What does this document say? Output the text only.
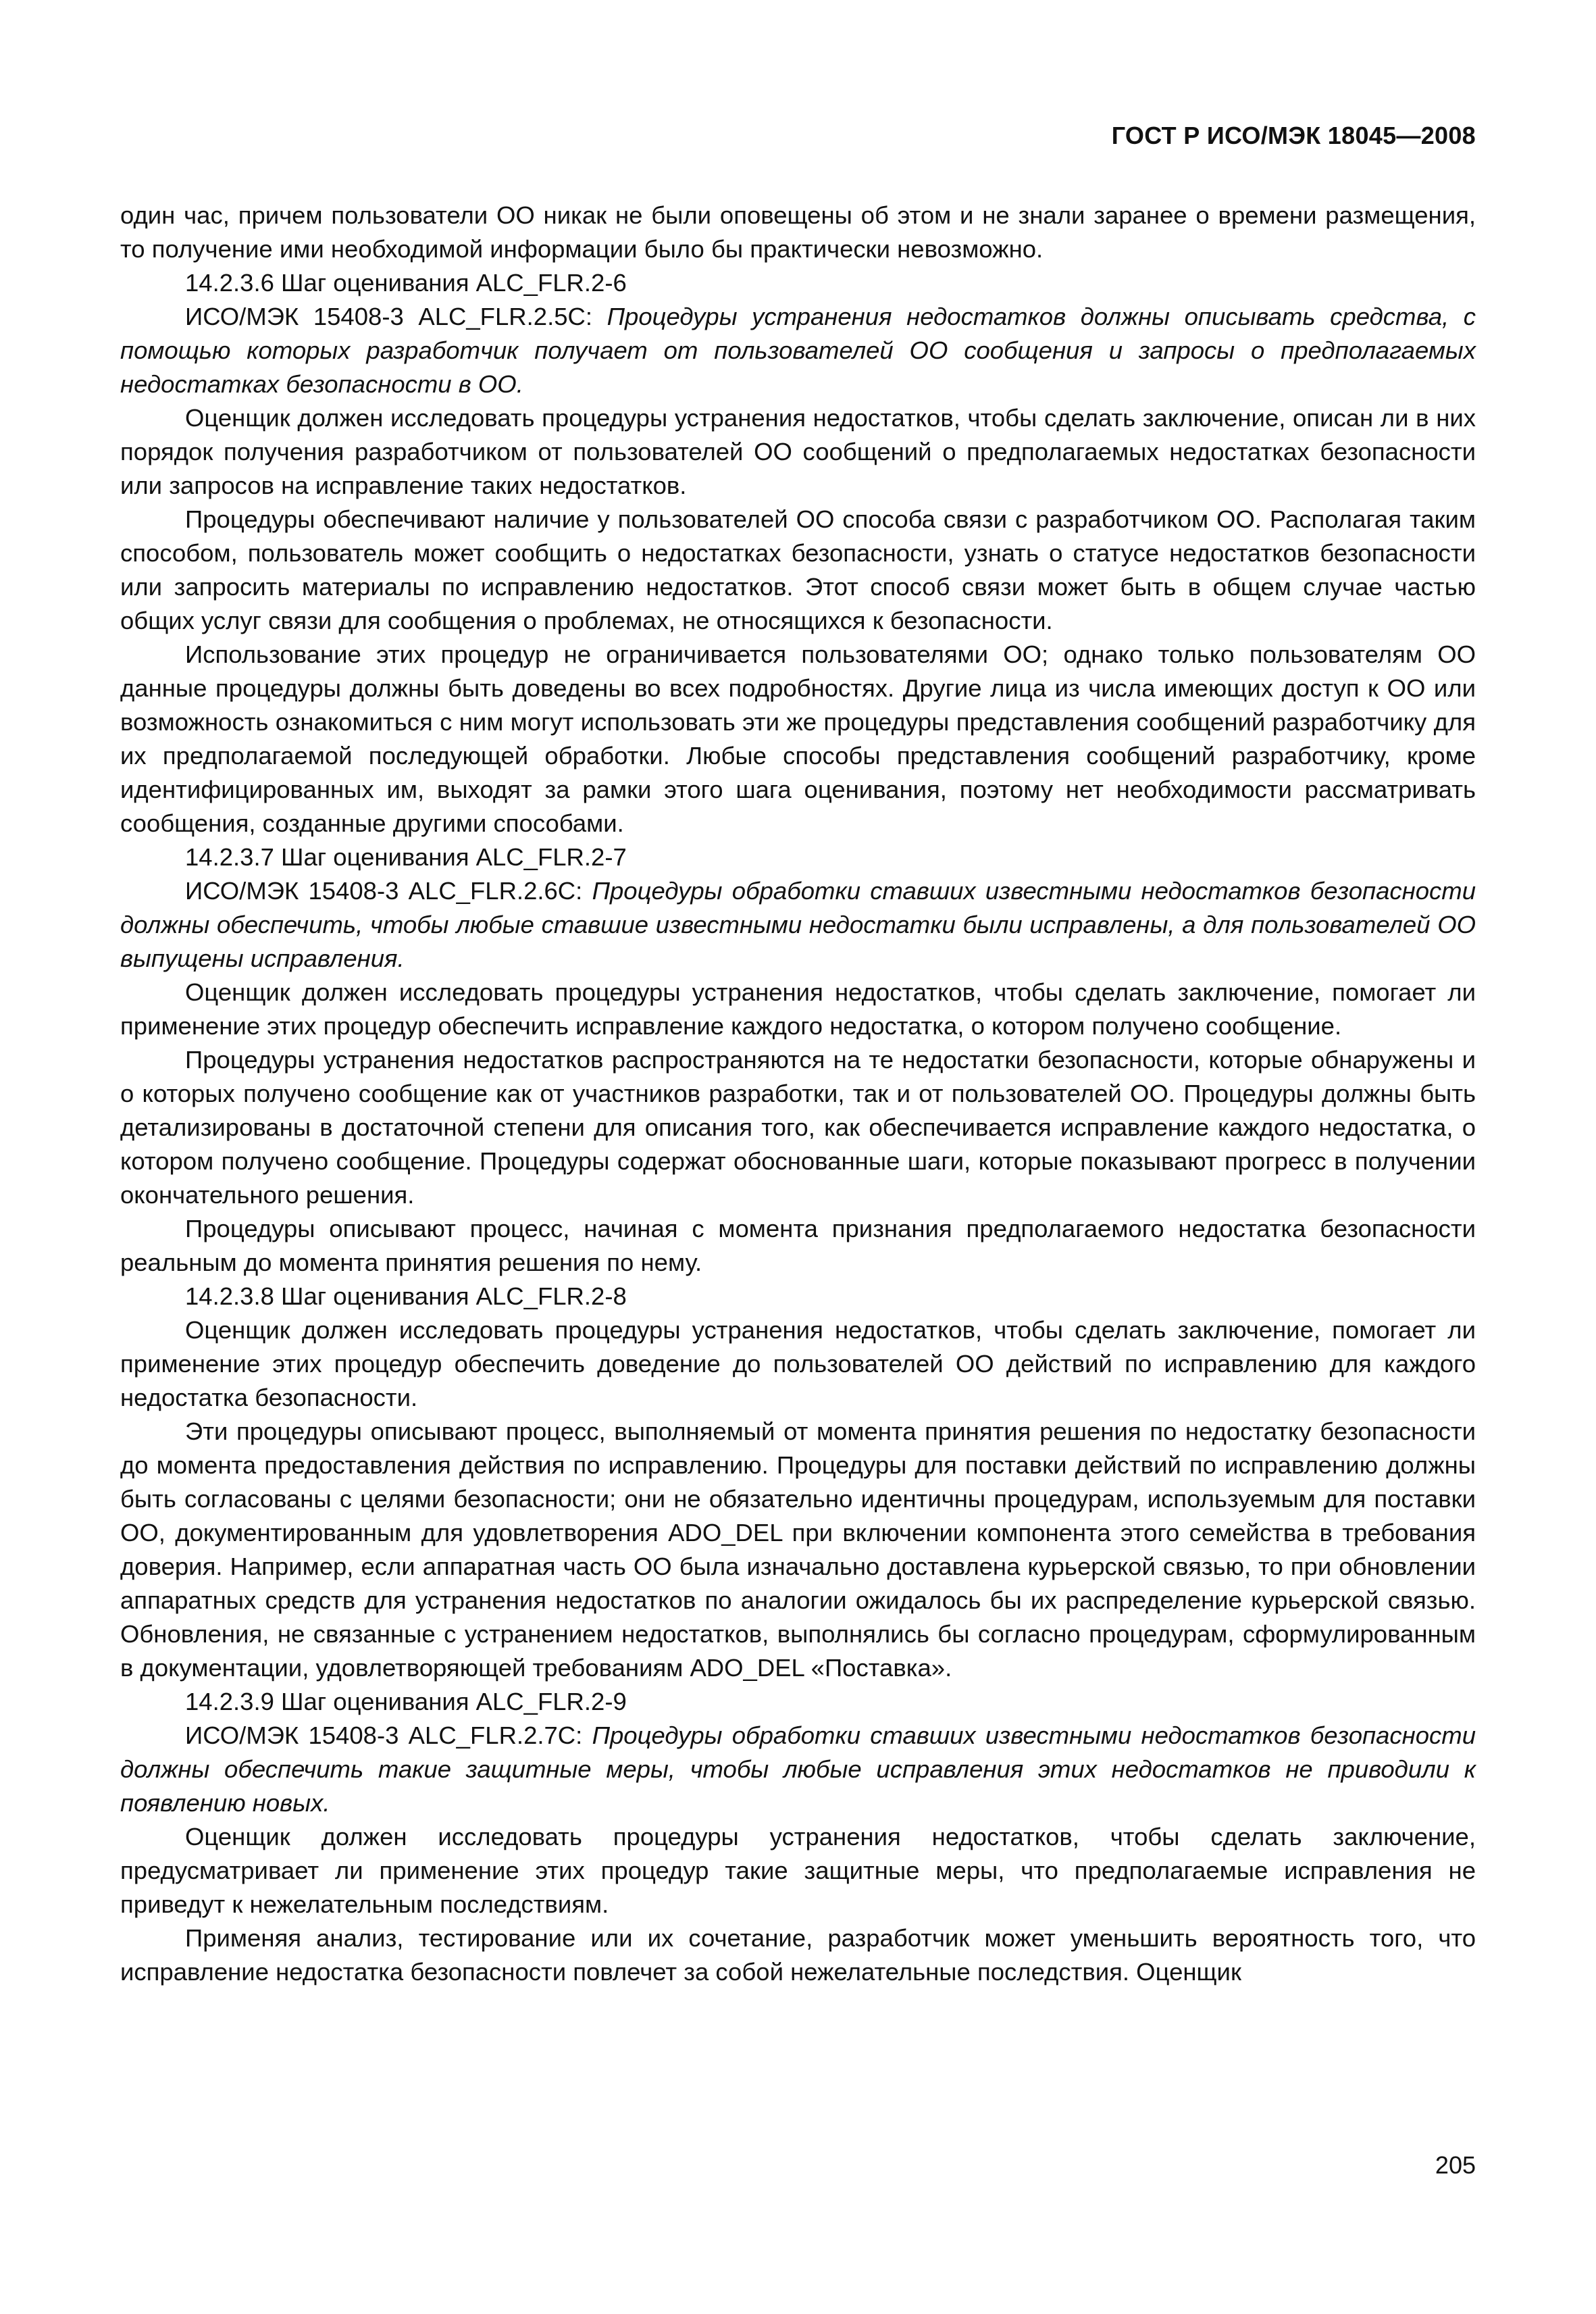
ГОСТ Р ИСО/МЭК 18045—2008

один час, причем пользователи ОО никак не были оповещены об этом и не знали заранее о времени размещения, то получение ими необходимой информации было бы практически невозможно.

14.2.3.6 Шаг оценивания ALC_FLR.2-6

ИСО/МЭК 15408-3 ALC_FLR.2.5C: Процедуры устранения недостатков должны описывать средства, с помощью которых разработчик получает от пользователей ОО сообщения и запросы о предполагаемых недостатках безопасности в ОО.

Оценщик должен исследовать процедуры устранения недостатков, чтобы сделать заключение, описан ли в них порядок получения разработчиком от пользователей ОО сообщений о предполагаемых недостатках безопасности или запросов на исправление таких недостатков.

Процедуры обеспечивают наличие у пользователей ОО способа связи с разработчиком ОО. Располагая таким способом, пользователь может сообщить о недостатках безопасности, узнать о статусе недостатков безопасности или запросить материалы по исправлению недостатков. Этот способ связи может быть в общем случае частью общих услуг связи для сообщения о проблемах, не относящихся к безопасности.

Использование этих процедур не ограничивается пользователями ОО; однако только пользователям ОО данные процедуры должны быть доведены во всех подробностях. Другие лица из числа имеющих доступ к ОО или возможность ознакомиться с ним могут использовать эти же процедуры представления сообщений разработчику для их предполагаемой последующей обработки. Любые способы представления сообщений разработчику, кроме идентифицированных им, выходят за рамки этого шага оценивания, поэтому нет необходимости рассматривать сообщения, созданные другими способами.

14.2.3.7 Шаг оценивания ALC_FLR.2-7

ИСО/МЭК 15408-3 ALC_FLR.2.6C: Процедуры обработки ставших известными недостатков безопасности должны обеспечить, чтобы любые ставшие известными недостатки были исправлены, а для пользователей ОО выпущены исправления.

Оценщик должен исследовать процедуры устранения недостатков, чтобы сделать заключение, помогает ли применение этих процедур обеспечить исправление каждого недостатка, о котором получено сообщение.

Процедуры устранения недостатков распространяются на те недостатки безопасности, которые обнаружены и о которых получено сообщение как от участников разработки, так и от пользователей ОО. Процедуры должны быть детализированы в достаточной степени для описания того, как обеспечивается исправление каждого недостатка, о котором получено сообщение. Процедуры содержат обоснованные шаги, которые показывают прогресс в получении окончательного решения.

Процедуры описывают процесс, начиная с момента признания предполагаемого недостатка безопасности реальным до момента принятия решения по нему.

14.2.3.8 Шаг оценивания ALC_FLR.2-8

Оценщик должен исследовать процедуры устранения недостатков, чтобы сделать заключение, помогает ли применение этих процедур обеспечить доведение до пользователей ОО действий по исправлению для каждого недостатка безопасности.

Эти процедуры описывают процесс, выполняемый от момента принятия решения по недостатку безопасности до момента предоставления действия по исправлению. Процедуры для поставки действий по исправлению должны быть согласованы с целями безопасности; они не обязательно идентичны процедурам, используемым для поставки ОО, документированным для удовлетворения ADO_DEL при включении компонента этого семейства в требования доверия. Например, если аппаратная часть ОО была изначально доставлена курьерской связью, то при обновлении аппаратных средств для устранения недостатков по аналогии ожидалось бы их распределение курьерской связью. Обновления, не связанные с устранением недостатков, выполнялись бы согласно процедурам, сформулированным в документации, удовлетворяющей требованиям ADO_DEL «Поставка».

14.2.3.9 Шаг оценивания ALC_FLR.2-9

ИСО/МЭК 15408-3 ALC_FLR.2.7C: Процедуры обработки ставших известными недостатков безопасности должны обеспечить такие защитные меры, чтобы любые исправления этих недостатков не приводили к появлению новых.

Оценщик должен исследовать процедуры устранения недостатков, чтобы сделать заключение, предусматривает ли применение этих процедур такие защитные меры, что предполагаемые исправления не приведут к нежелательным последствиям.

Применяя анализ, тестирование или их сочетание, разработчик может уменьшить вероятность того, что исправление недостатка безопасности повлечет за собой нежелательные последствия. Оценщик

205
